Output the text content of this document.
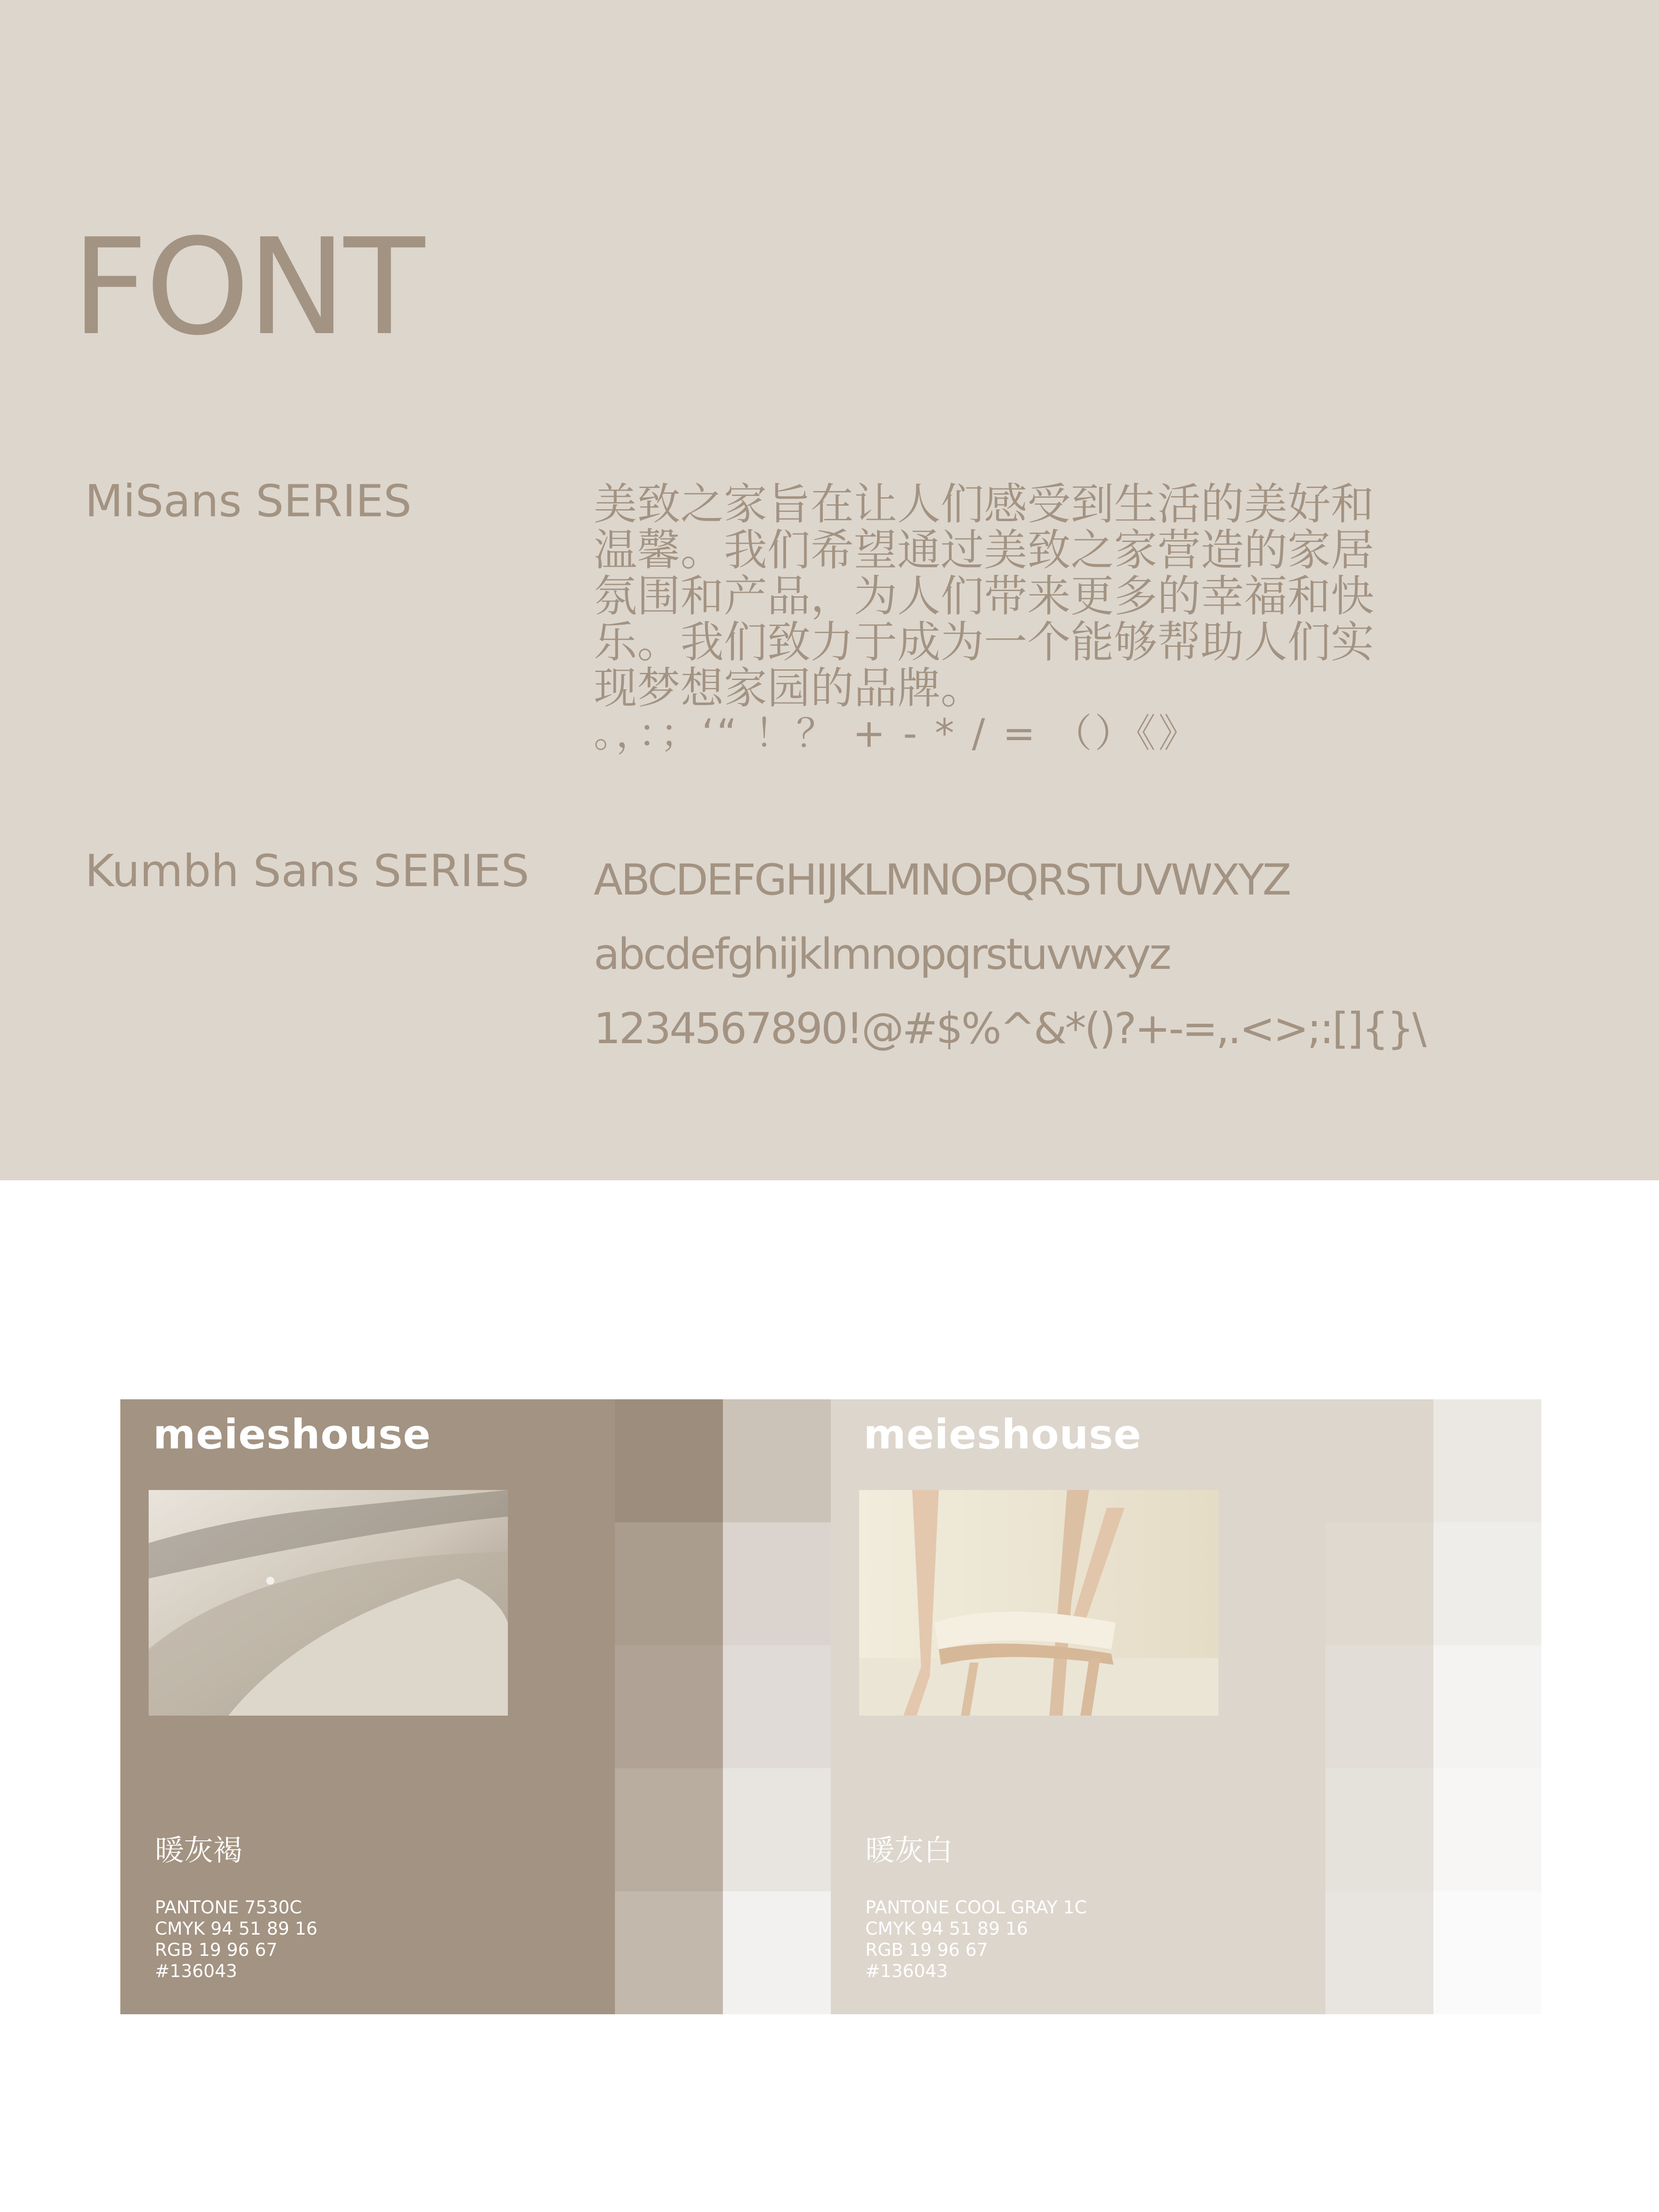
FONT
MiSans SERIES	美致之家旨在让人们感受到生活的美好和
温馨。我们希望通过美致之家营造的家居
氛围和产品，为人们带来更多的幸福和快
乐。我们致力于成为一个能够帮助人们实
现梦想家园的品牌。
。，：；‘“ ！？ + - * / = （）《》
Kumbh Sans SERIES ABCDEFGHIJKLMNOPQRSTUVWXYZ
abcdefghijklmnopqrstuvwxyz
1234567890!@#$%^&*()?+-=,.<>;:[]{}\
meieshouse
暖灰褐
PANTONE 7530C
CMYK 94 51 89 16
RGB 19 96 67
#136043
meieshouse
暖灰白
PANTONE COOL GRAY 1C
CMYK 94 51 89 16
RGB 19 96 67
#136043
